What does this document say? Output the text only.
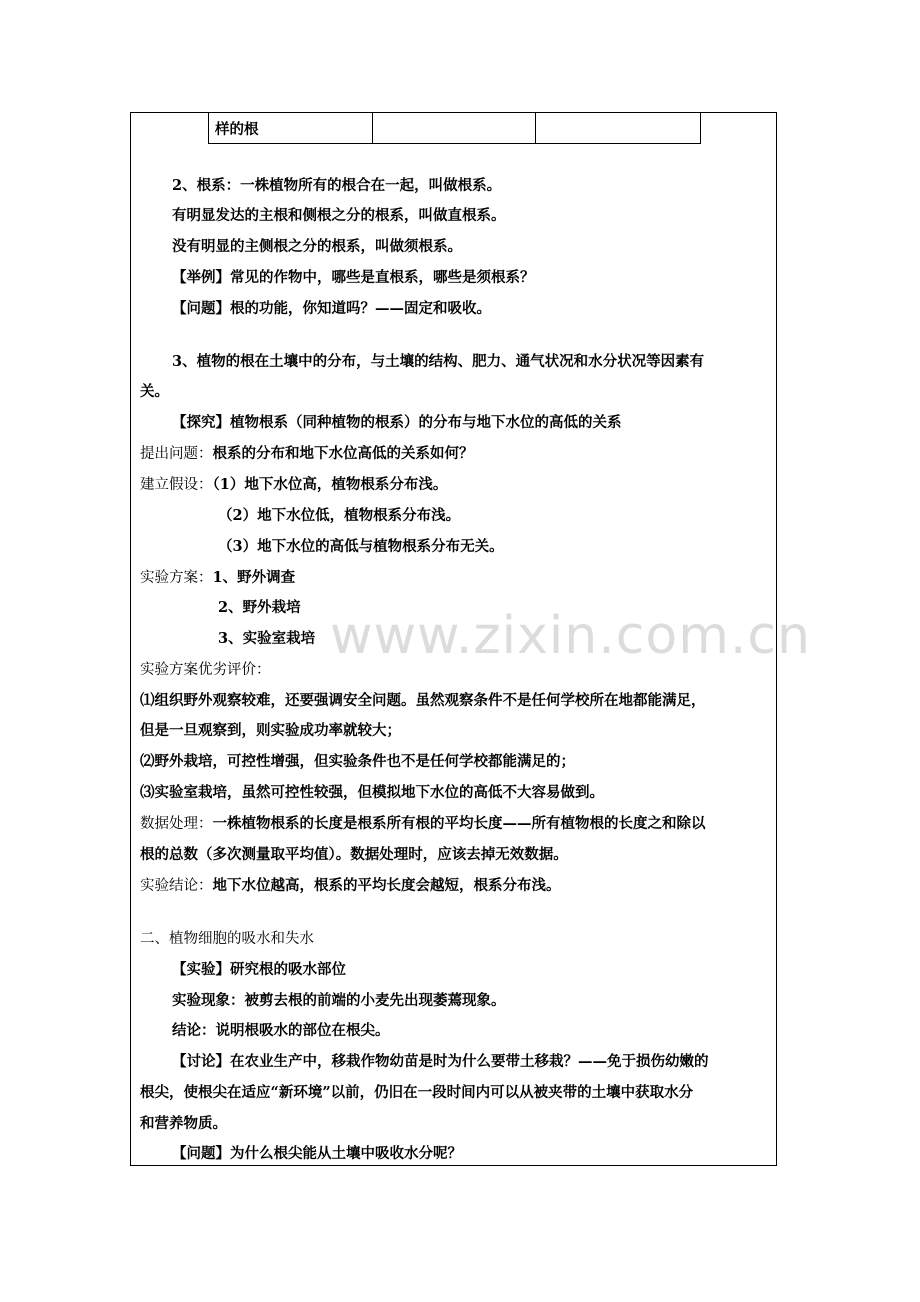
样的根		
www.zixin.com.cn
2、根系：一株植物所有的根合在一起，叫做根系。
有明显发达的主根和侧根之分的根系，叫做直根系。
没有明显的主侧根之分的根系，叫做须根系。
【举例】常见的作物中，哪些是直根系，哪些是须根系？
【问题】根的功能，你知道吗？——固定和吸收。
3、植物的根在土壤中的分布，与土壤的结构、肥力、通气状况和水分状况等因素有
关。
【探究】植物根系（同种植物的根系）的分布与地下水位的高低的关系
提出问题：根系的分布和地下水位高低的关系如何？
建立假设：（1）地下水位高，植物根系分布浅。
（2）地下水位低，植物根系分布浅。
（3）地下水位的高低与植物根系分布无关。
实验方案：1、野外调查
2、野外栽培
3、实验室栽培
实验方案优劣评价：
⑴组织野外观察较难，还要强调安全问题。虽然观察条件不是任何学校所在地都能满足，
但是一旦观察到，则实验成功率就较大；
⑵野外栽培，可控性增强，但实验条件也不是任何学校都能满足的；
⑶实验室栽培，虽然可控性较强，但模拟地下水位的高低不大容易做到。
数据处理：一株植物根系的长度是根系所有根的平均长度——所有植物根的长度之和除以
根的总数（多次测量取平均值）。数据处理时，应该去掉无效数据。
实验结论：地下水位越高，根系的平均长度会越短，根系分布浅。
二、植物细胞的吸水和失水
【实验】研究根的吸水部位
实验现象：被剪去根的前端的小麦先出现萎蔫现象。
结论：说明根吸水的部位在根尖。
【讨论】在农业生产中，移栽作物幼苗是时为什么要带土移栽？——免于损伤幼嫩的
根尖，使根尖在适应“新环境”以前，仍旧在一段时间内可以从被夹带的土壤中获取水分
和营养物质。
【问题】为什么根尖能从土壤中吸收水分呢？
